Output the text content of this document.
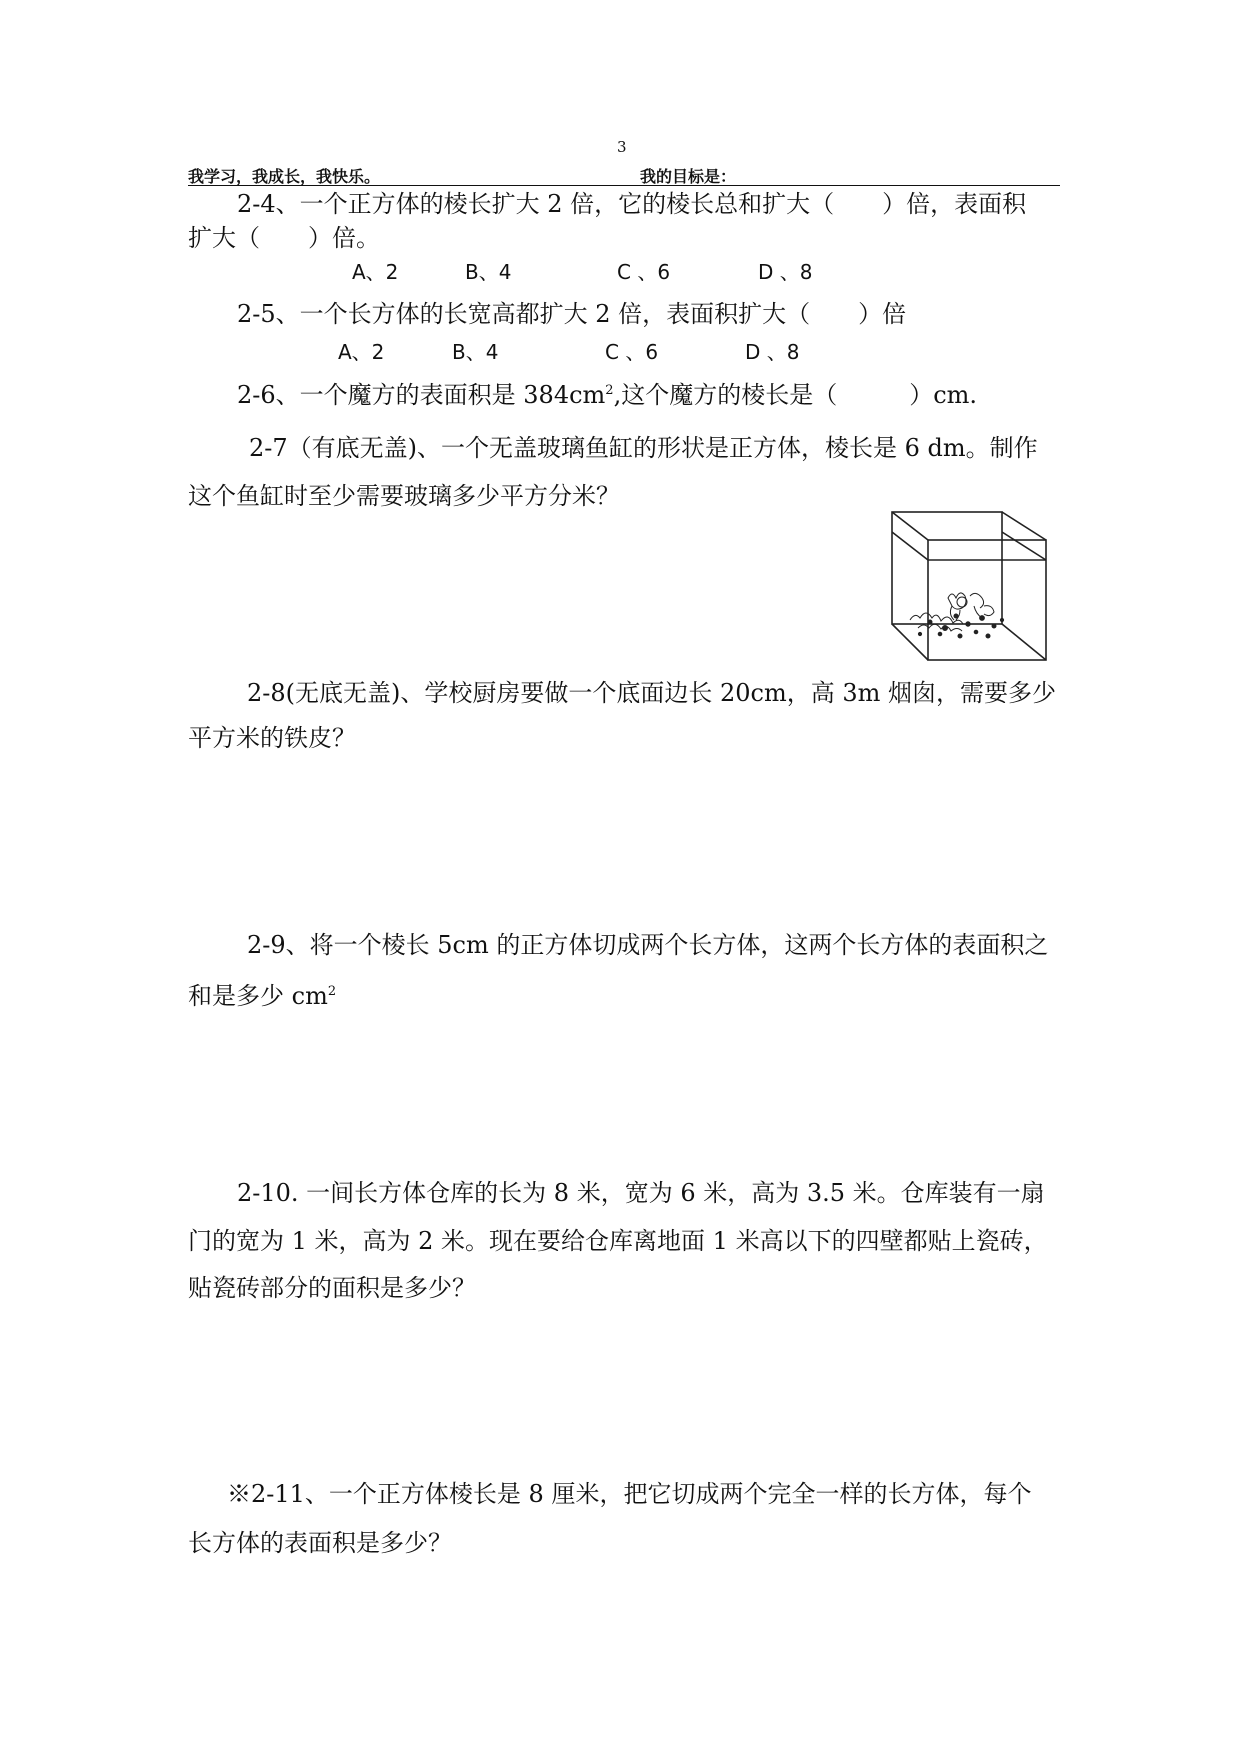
3
我学习，我成长，我快乐。	我的目标是：
2-4、一个正方体的棱长扩大 2 倍，它的棱长总和扩大（　　）倍，表面积
扩大（　　）倍。
A、2	B、4	C 、6	D 、8
2-5、一个长方体的长宽高都扩大 2 倍，表面积扩大（　　）倍
A、2	B、4	C 、6	D 、8
2-6、一个魔方的表面积是 $384cm^2$,这个魔方的棱长是（　　　）cm.
2-7（有底无盖)、一个无盖玻璃鱼缸的形状是正方体，棱长是 6 dm。制作
这个鱼缸时至少需要玻璃多少平方分米？
2-8(无底无盖)、学校厨房要做一个底面边长 20cm，高 3m 烟囱，需要多少
平方米的铁皮？
2-9、将一个棱长 5cm 的正方体切成两个长方体，这两个长方体的表面积之
和是多少 $cm^2$
2-10. 一间长方体仓库的长为 8 米，宽为 6 米，高为 3.5 米。仓库装有一扇
门的宽为 1 米，高为 2 米。现在要给仓库离地面 1 米高以下的四壁都贴上瓷砖，
贴瓷砖部分的面积是多少？
※2-11、一个正方体棱长是 8 厘米，把它切成两个完全一样的长方体，每个
长方体的表面积是多少？
